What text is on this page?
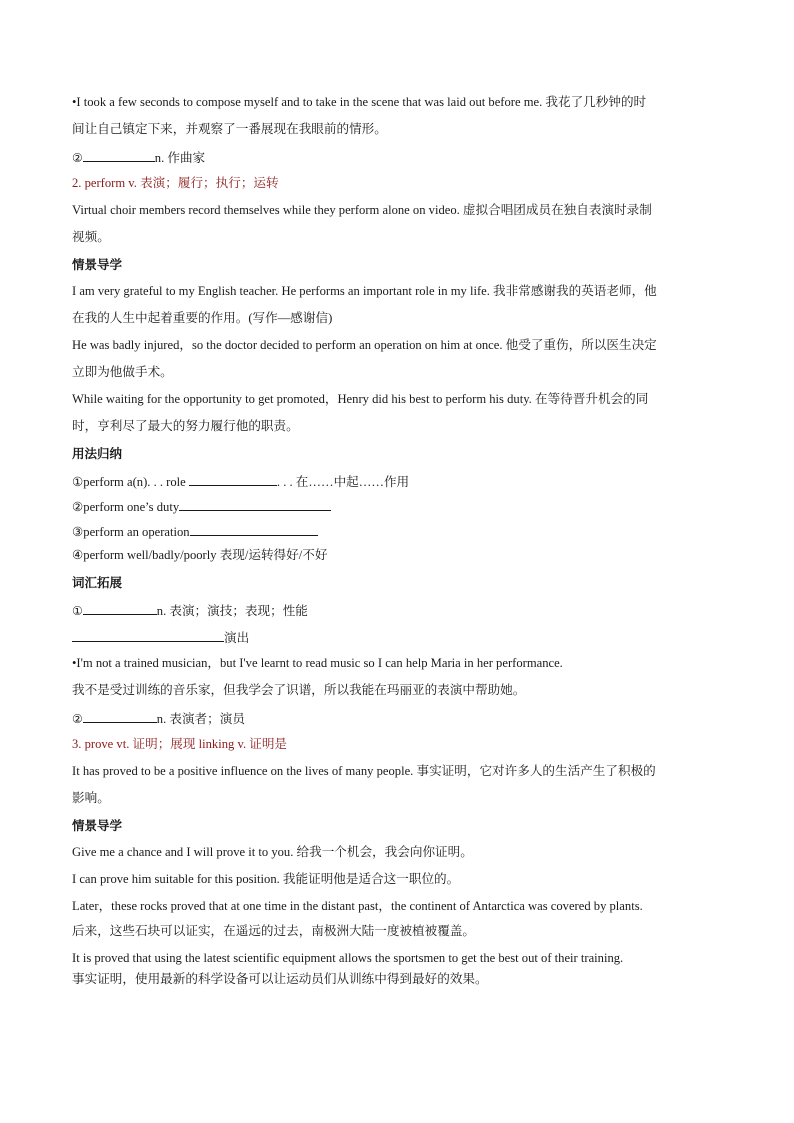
•I took a few seconds to compose myself and to take in the scene that was laid out before me. 我花了几秒钟的时

间让自己镇定下来，并观察了一番展现在我眼前的情形。

②	n. 作曲家

2. perform v. 表演；履行；执行；运转

Virtual choir members record themselves while they perform alone on video. 虚拟合唱团成员在独自表演时录制

视频。

情景导学

I am very grateful to my English teacher. He performs an important role in my life. 我非常感谢我的英语老师，他

在我的人生中起着重要的作用。(写作—感谢信)

He was badly injured，so the doctor decided to perform an operation on him at once. 他受了重伤，所以医生决定

立即为他做手术。

While waiting for the opportunity to get promoted，Henry did his best to perform his duty. 在等待晋升机会的同

时，亨利尽了最大的努力履行他的职责。

用法归纳

①perform a(n). . . role	. . . 在……中起……作用

②perform one’s duty

③perform an operation

④perform well/badly/poorly 表现/运转得好/不好

词汇拓展

①	n. 表演；演技；表现；性能

演出

•I'm not a trained musician，but I've learnt to read music so I can help Maria in her performance.

我不是受过训练的音乐家，但我学会了识谱，所以我能在玛丽亚的表演中帮助她。

②	n. 表演者；演员

3. prove vt. 证明；展现 linking v. 证明是

It has proved to be a positive influence on the lives of many people. 事实证明，它对许多人的生活产生了积极的

影响。

情景导学

Give me a chance and I will prove it to you. 给我一个机会，我会向你证明。

I can prove him suitable for this position. 我能证明他是适合这一职位的。

Later，these rocks proved that at one time in the distant past，the continent of Antarctica was covered by plants.

后来，这些石块可以证实，在遥远的过去，南极洲大陆一度被植被覆盖。

It is proved that using the latest scientific equipment allows the sportsmen to get the best out of their training.

事实证明，使用最新的科学设备可以让运动员们从训练中得到最好的效果。
